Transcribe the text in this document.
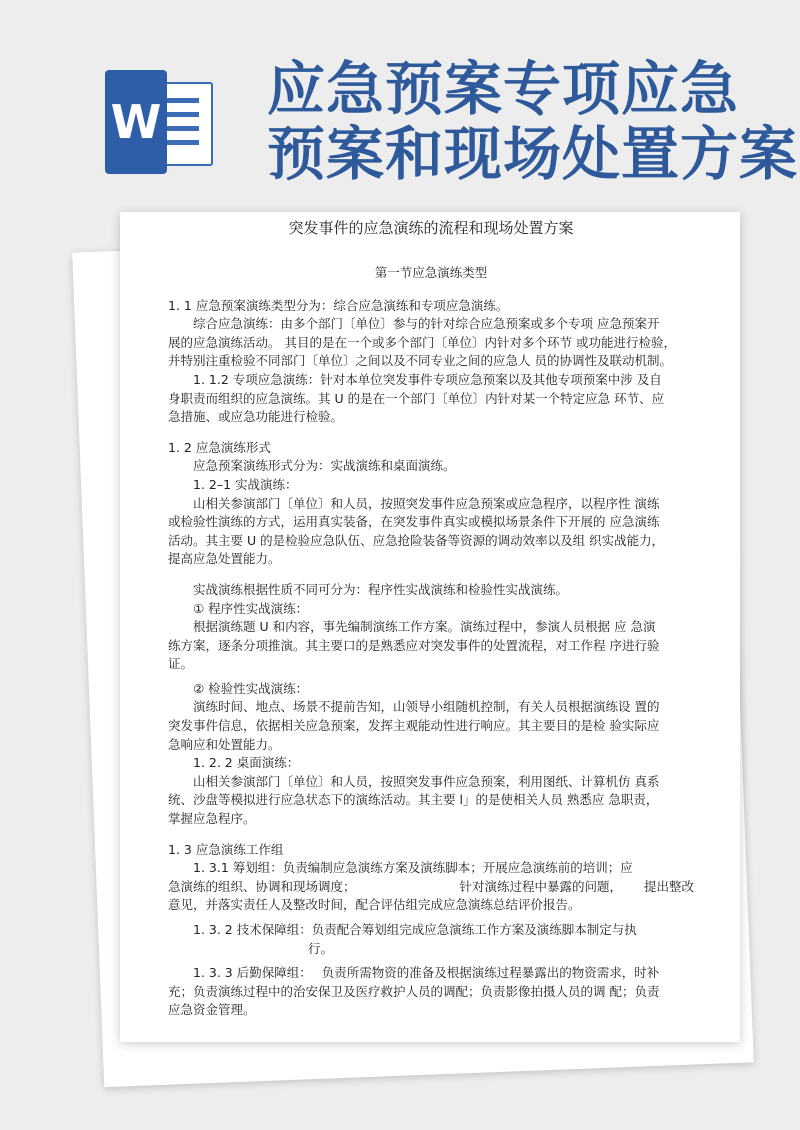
W 应急预案专项应急
预案和现场处置方案
突发事件的应急演练的流程和现场处置方案
第一节应急演练类型

1. 1 应急预案演练类型分为：综合应急演练和专项应急演练。

综合应急演练：由多个部门〔单位〕参与的针对综合应急预案或多个专项 应急预案开

展的应急演练活动。 其目的是在一个或多个部门〔单位〕内针对多个环节 或功能进行检验，

并特别注重检验不同部门〔单位〕之间以及不同专业之间的应急人 员的协调性及联动机制。

1. 1.2 专项应急演练：针对本单位突发事件专项应急预案以及其他专项预案中涉 及自

身职责而组织的应急演练。其 U 的是在一个部门〔单位〕内针对某一个特定应急 环节、应

急措施、或应急功能进行检验。

1. 2 应急演练形式

应急预案演练形式分为：实战演练和桌面演练。

1. 2–1 实战演练：

山相关参演部门〔单位〕和人员，按照突发事件应急预案或应急程序，以程序性 演练

或检验性演练的方式，运用真实装备，在突发事件真实或模拟场景条件下开展的 应急演练

活动。其主要 U 的是检验应急队伍、应急抢险装备等资源的调动效率以及组 织实战能力，

提高应急处置能力。

实战演练根据性质不同可分为：程序性实战演练和检验性实战演练。

① 程序性实战演练：

根据演练题 U 和内容，事先编制演练工作方案。演练过程中，参演人员根据 应 急演

练方案，逐条分项推演。其主要口的是熟悉应对突发事件的处置流程，对工作程 序进行验

证。

② 检验性实战演练：

演练时间、地点、场景不提前告知，山领导小组随机控制，有关人员根据演练设 置的

突发事件信息，依据相关应急预案，发挥主观能动性进行响应。其主要目的是检 验实际应

急响应和处置能力。

1. 2. 2 桌面演练：

山相关参演部门〔单位〕和人员，按照突发事件应急预案，利用图纸、计算机仿 真系

统、沙盘等模拟进行应急状态下的演练活动。其主要 l」的是使相关人员 熟悉应 急职责，

掌握应急程序。

1. 3 应急演练工作组

1. 3.1 筹划组：负责编制应急演练方案及演练脚本；开展应急演练前的培训；应

急演练的组织、协调和现场调度；	针对演练过程中暴露的问题， 提出整改

意见，并落实责任人及整改时间，配合评估组完成应急演练总结评价报告。

1. 3. 2 技术保障组：负责配合筹划组完成应急演练工作方案及演练脚本制定与执

行。

1. 3. 3 后勤保障组： 负责所需物资的准备及根据演练过程暴露出的物资需求，时补

充；负责演练过程中的治安保卫及医疗救护人员的调配；负责影像拍摄人员的调 配；负责

应急资金管理。
